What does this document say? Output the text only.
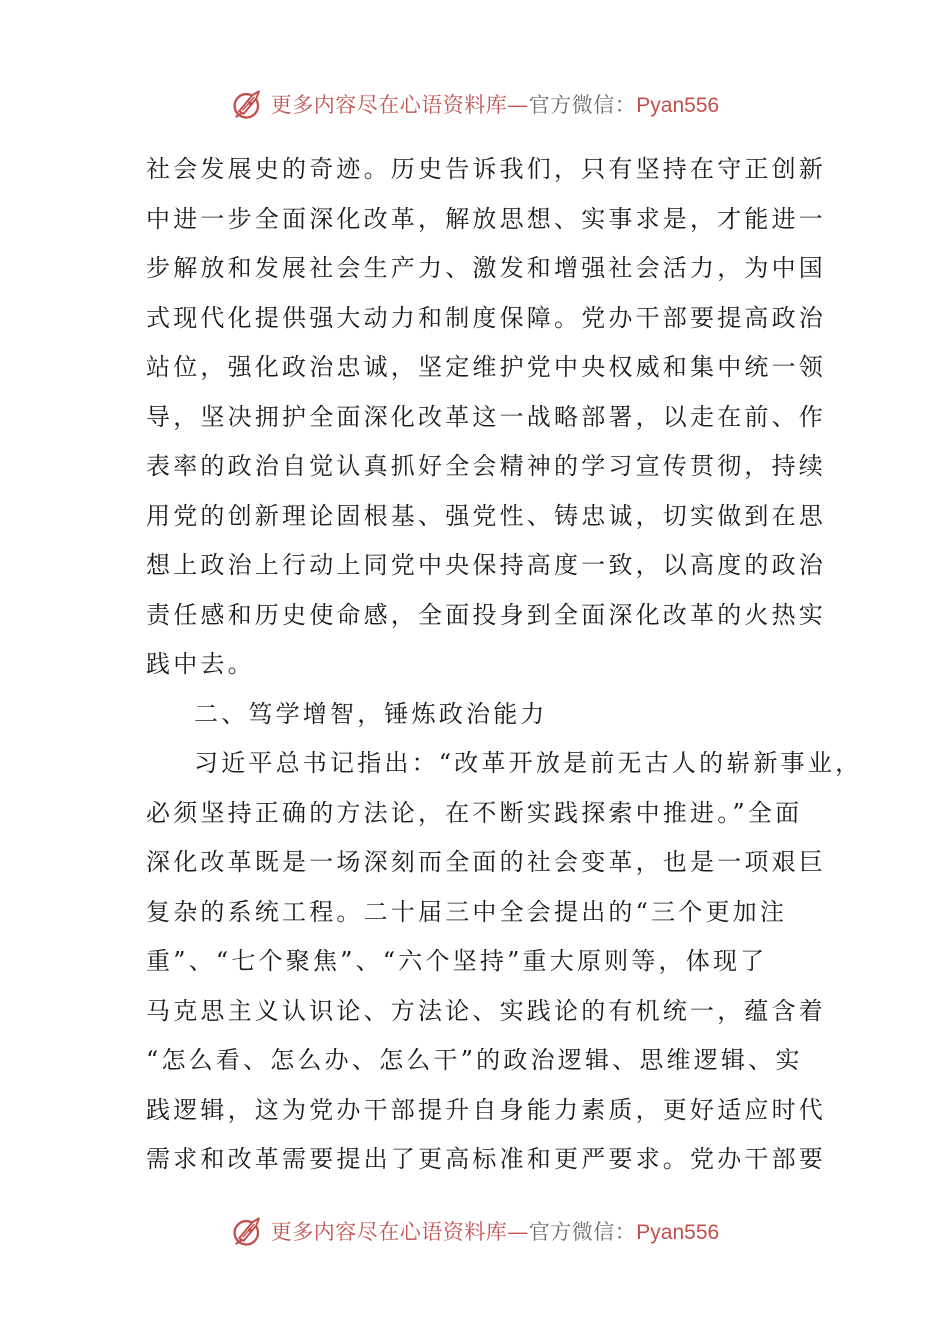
更多内容尽在心语资料库—官方微信：Pyan556
社会发展史的奇迹。历史告诉我们，只有坚持在守正创新
中进一步全面深化改革，解放思想、实事求是，才能进一
步解放和发展社会生产力、激发和增强社会活力，为中国
式现代化提供强大动力和制度保障。党办干部要提高政治
站位，强化政治忠诚，坚定维护党中央权威和集中统一领
导，坚决拥护全面深化改革这一战略部署，以走在前、作
表率的政治自觉认真抓好全会精神的学习宣传贯彻，持续
用党的创新理论固根基、强党性、铸忠诚，切实做到在思
想上政治上行动上同党中央保持高度一致，以高度的政治
责任感和历史使命感，全面投身到全面深化改革的火热实
践中去。
二、笃学增智，锤炼政治能力
习近平总书记指出：“改革开放是前无古人的崭新事业，
必须坚持正确的方法论，在不断实践探索中推进。”全面
深化改革既是一场深刻而全面的社会变革，也是一项艰巨
复杂的系统工程。二十届三中全会提出的“三个更加注
重”、“七个聚焦”、“六个坚持”重大原则等，体现了
马克思主义认识论、方法论、实践论的有机统一，蕴含着
“怎么看、怎么办、怎么干”的政治逻辑、思维逻辑、实
践逻辑，这为党办干部提升自身能力素质，更好适应时代
需求和改革需要提出了更高标准和更严要求。党办干部要
更多内容尽在心语资料库—官方微信：Pyan556
